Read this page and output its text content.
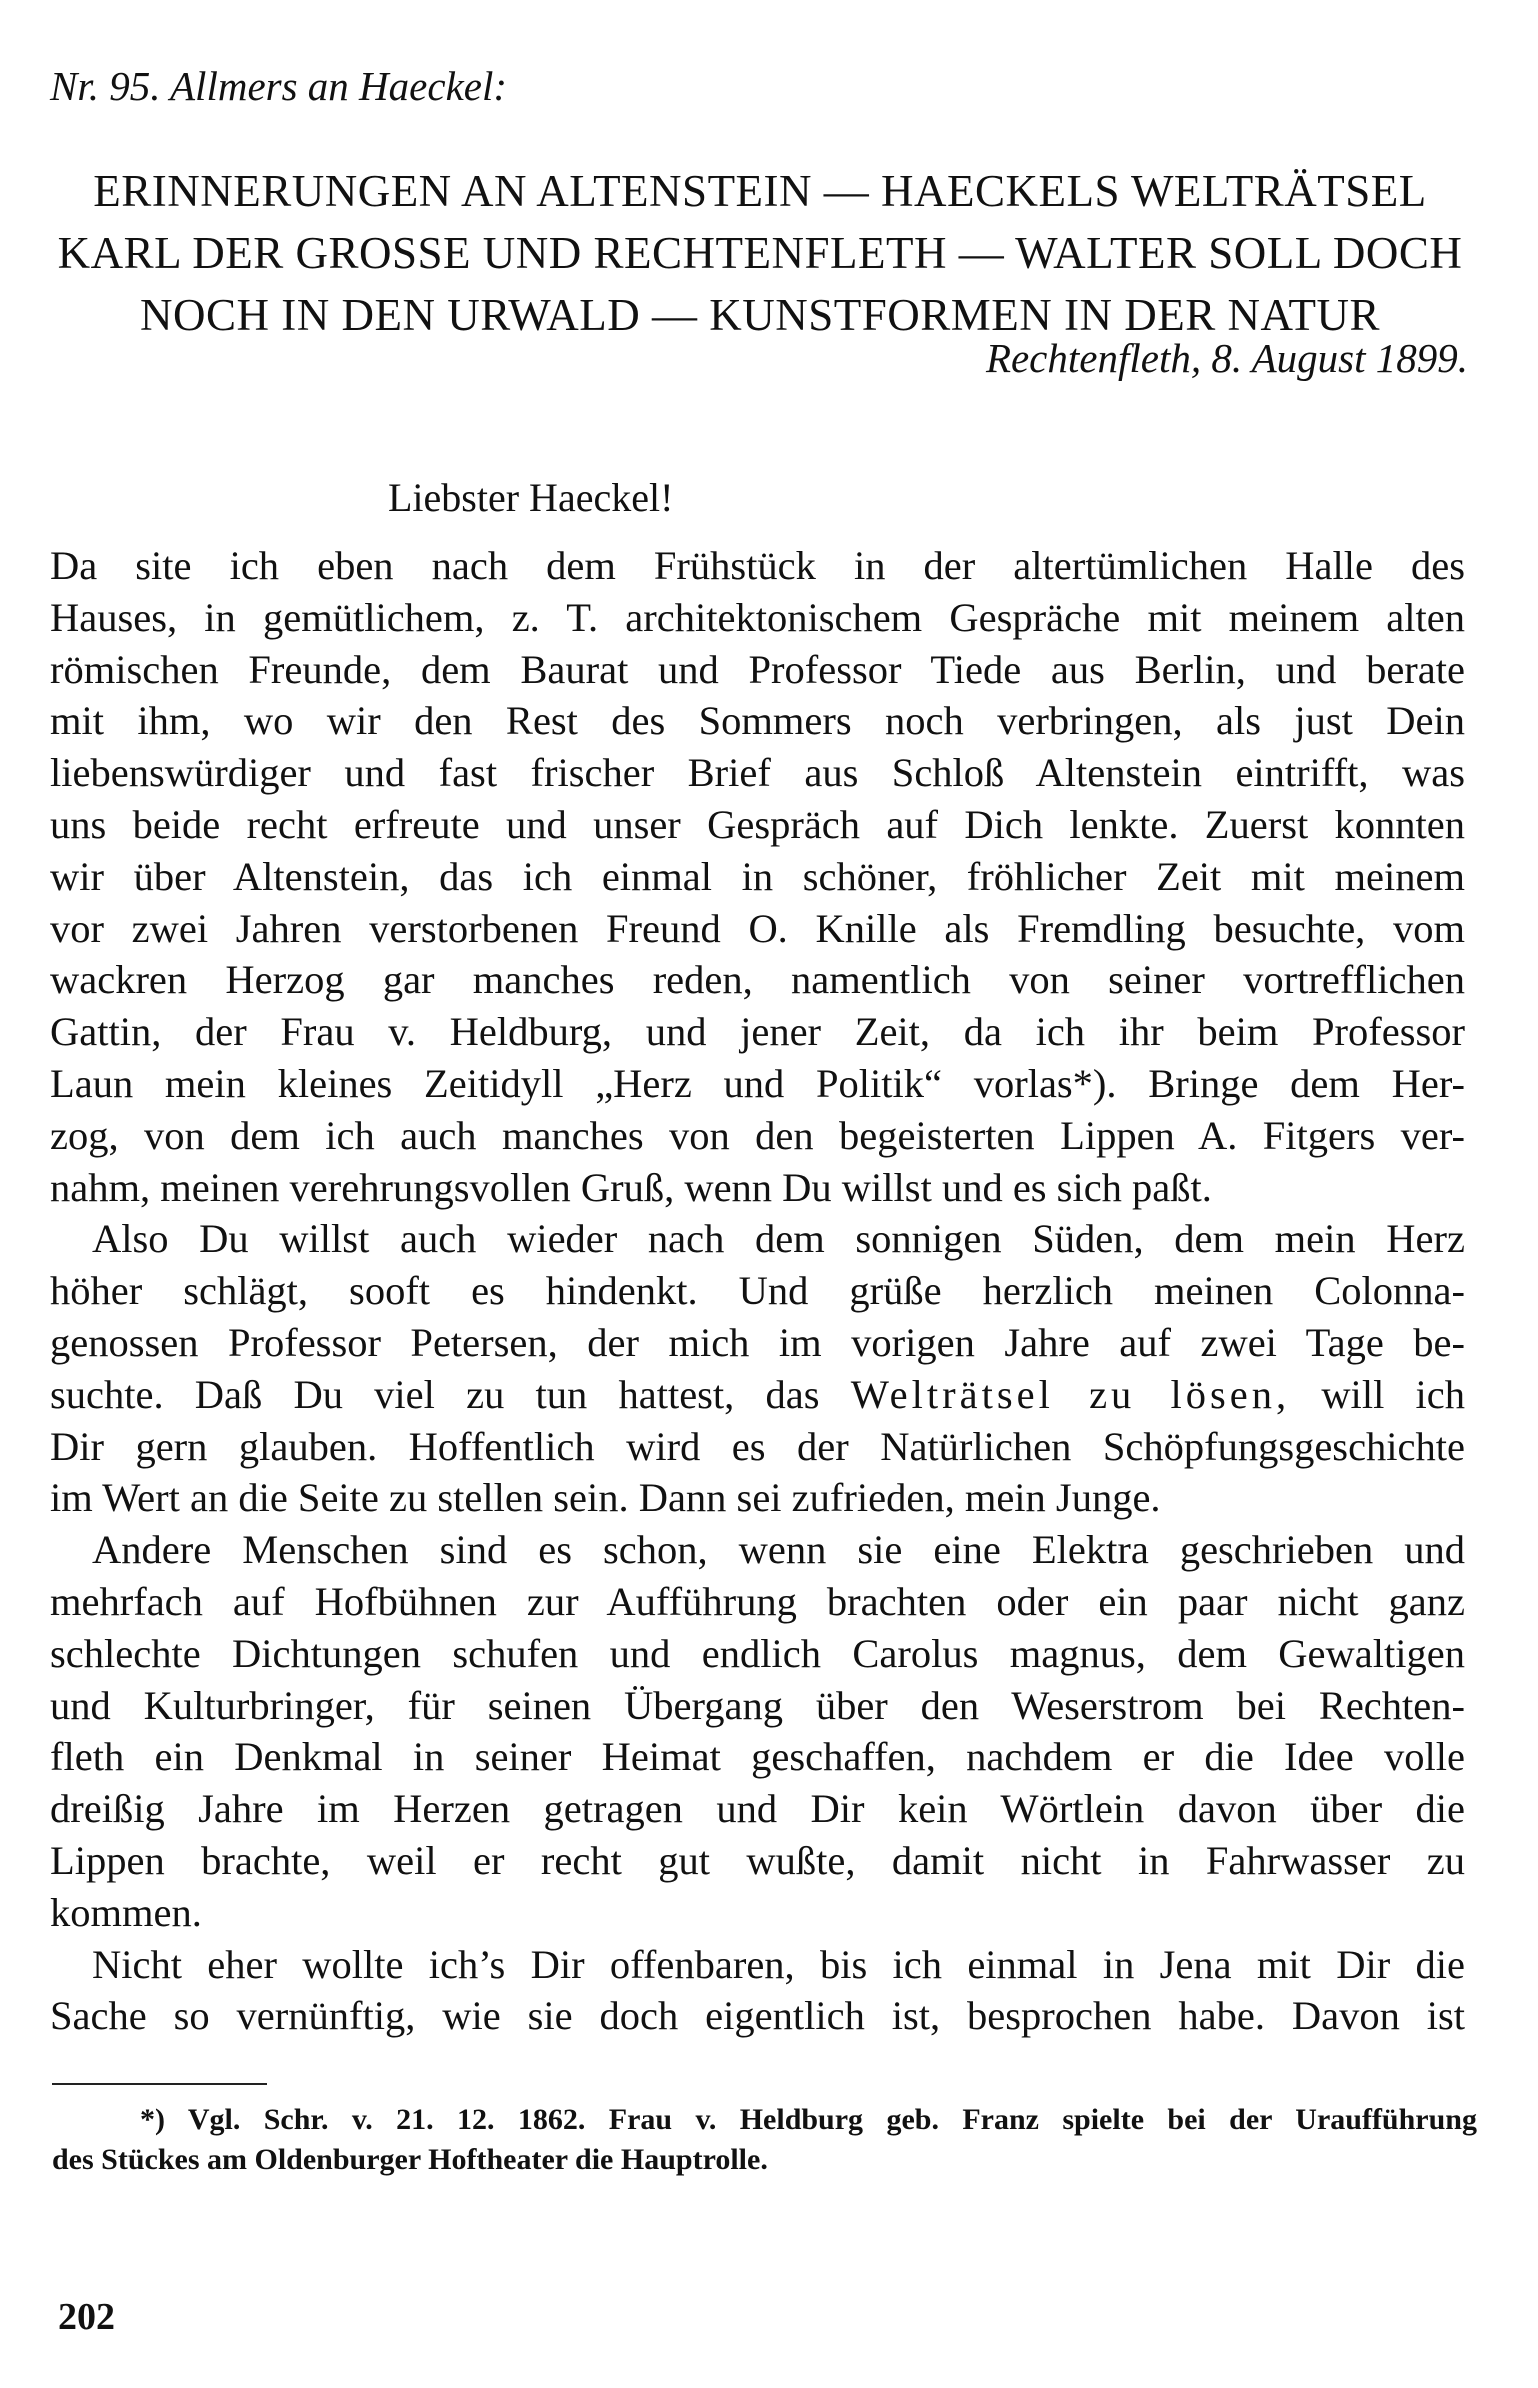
Nr. 95. Allmers an Haeckel:
ERINNERUNGEN AN ALTENSTEIN — HAECKELS WELTRÄTSEL
KARL DER GROSSE UND RECHTENFLETH — WALTER SOLL DOCH
NOCH IN DEN URWALD — KUNSTFORMEN IN DER NATUR
Rechtenfleth, 8. August 1899.
Liebster Haeckel!
Da site ich eben nach dem Frühstück in der altertümlichen Halle des
Hauses, in gemütlichem, z. T. architektonischem Gespräche mit meinem alten
römischen Freunde, dem Baurat und Professor Tiede aus Berlin, und berate
mit ihm, wo wir den Rest des Sommers noch verbringen, als just Dein
liebenswürdiger und fast frischer Brief aus Schloß Altenstein eintrifft, was
uns beide recht erfreute und unser Gespräch auf Dich lenkte. Zuerst konnten
wir über Altenstein, das ich einmal in schöner, fröhlicher Zeit mit meinem
vor zwei Jahren verstorbenen Freund O. Knille als Fremdling besuchte, vom
wackren Herzog gar manches reden, namentlich von seiner vortrefflichen
Gattin, der Frau v. Heldburg, und jener Zeit, da ich ihr beim Professor
Laun mein kleines Zeitidyll „Herz und Politik“ vorlas*). Bringe dem Her-
zog, von dem ich auch manches von den begeisterten Lippen A. Fitgers ver-
nahm, meinen verehrungsvollen Gruß, wenn Du willst und es sich paßt.
Also Du willst auch wieder nach dem sonnigen Süden, dem mein Herz
höher schlägt, sooft es hindenkt. Und grüße herzlich meinen Colonna-
genossen Professor Petersen, der mich im vorigen Jahre auf zwei Tage be-
suchte. Daß Du viel zu tun hattest, das Welträtsel zu lösen, will ich
Dir gern glauben. Hoffentlich wird es der Natürlichen Schöpfungsgeschichte
im Wert an die Seite zu stellen sein. Dann sei zufrieden, mein Junge.
Andere Menschen sind es schon, wenn sie eine Elektra geschrieben und
mehrfach auf Hofbühnen zur Aufführung brachten oder ein paar nicht ganz
schlechte Dichtungen schufen und endlich Carolus magnus, dem Gewaltigen
und Kulturbringer, für seinen Übergang über den Weserstrom bei Rechten-
fleth ein Denkmal in seiner Heimat geschaffen, nachdem er die Idee volle
dreißig Jahre im Herzen getragen und Dir kein Wörtlein davon über die
Lippen brachte, weil er recht gut wußte, damit nicht in Fahrwasser zu
kommen.
Nicht eher wollte ich’s Dir offenbaren, bis ich einmal in Jena mit Dir die
Sache so vernünftig, wie sie doch eigentlich ist, besprochen habe. Davon ist
*) Vgl. Schr. v. 21. 12. 1862. Frau v. Heldburg geb. Franz spielte bei der Uraufführung
des Stückes am Oldenburger Hoftheater die Hauptrolle.
202
